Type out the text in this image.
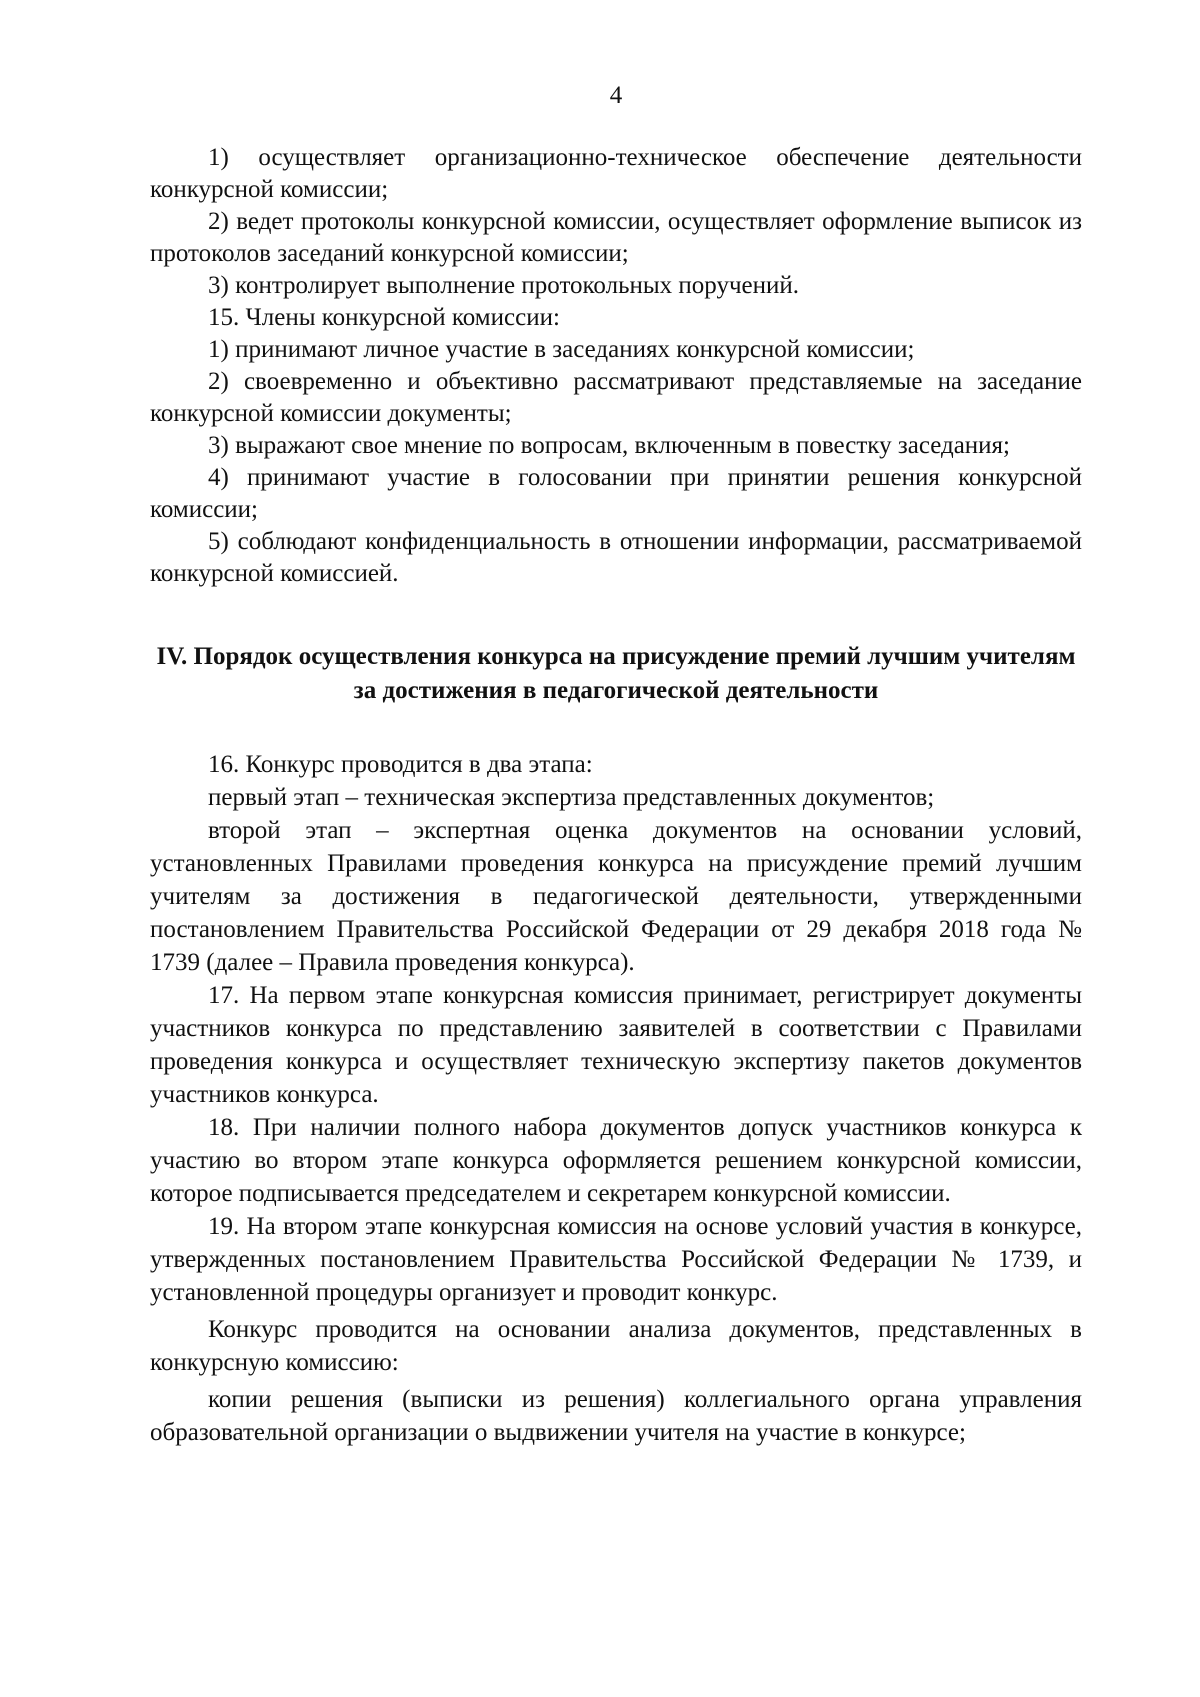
4

1) осуществляет организационно-техническое обеспечение деятельности конкурсной комиссии;

2) ведет протоколы конкурсной комиссии, осуществляет оформление выписок из протоколов заседаний конкурсной комиссии;

3) контролирует выполнение протокольных поручений.

15. Члены конкурсной комиссии:

1) принимают личное участие в заседаниях конкурсной комиссии;

2) своевременно и объективно рассматривают представляемые на заседание конкурсной комиссии документы;

3) выражают свое мнение по вопросам, включенным в повестку заседания;

4) принимают участие в голосовании при принятии решения конкурсной комиссии;

5) соблюдают конфиденциальность в отношении информации, рассматриваемой конкурсной комиссией.

IV. Порядок осуществления конкурса на присуждение премий лучшим учителям за достижения в педагогической деятельности

16. Конкурс проводится в два этапа:

первый этап – техническая экспертиза представленных документов;

второй этап – экспертная оценка документов на основании условий, установленных Правилами проведения конкурса на присуждение премий лучшим учителям за достижения в педагогической деятельности, утвержденными постановлением Правительства Российской Федерации от 29 декабря 2018 года № 1739 (далее – Правила проведения конкурса).

17. На первом этапе конкурсная комиссия принимает, регистрирует документы участников конкурса по представлению заявителей в соответствии с Правилами проведения конкурса и осуществляет техническую экспертизу пакетов документов участников конкурса.

18. При наличии полного набора документов допуск участников конкурса к участию во втором этапе конкурса оформляется решением конкурсной комиссии, которое подписывается председателем и секретарем конкурсной комиссии.

19. На втором этапе конкурсная комиссия на основе условий участия в конкурсе, утвержденных постановлением Правительства Российской Федерации № 1739, и установленной процедуры организует и проводит конкурс.

Конкурс проводится на основании анализа документов, представленных в конкурсную комиссию:

копии решения (выписки из решения) коллегиального органа управления образовательной организации о выдвижении учителя на участие в конкурсе;
